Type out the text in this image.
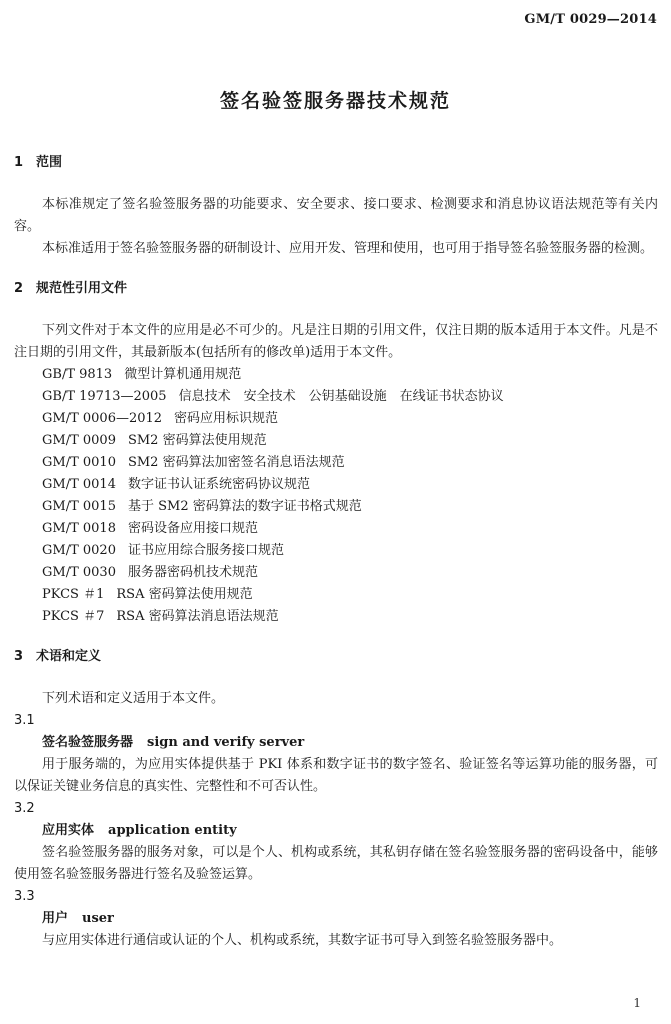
GM/T 0029—2014
签名验签服务器技术规范
1 范围

本标准规定了签名验签服务器的功能要求、安全要求、接口要求、检测要求和消息协议语法规范等有关内容。

本标准适用于签名验签服务器的研制设计、应用开发、管理和使用，也可用于指导签名验签服务器的检测。

2 规范性引用文件

下列文件对于本文件的应用是必不可少的。凡是注日期的引用文件，仅注日期的版本适用于本文件。凡是不注日期的引用文件，其最新版本(包括所有的修改单)适用于本文件。

GB/T 9813 微型计算机通用规范
GB/T 19713—2005 信息技术　安全技术　公钥基础设施　在线证书状态协议
GM/T 0006—2012 密码应用标识规范
GM/T 0009 SM2 密码算法使用规范
GM/T 0010 SM2 密码算法加密签名消息语法规范
GM/T 0014 数字证书认证系统密码协议规范
GM/T 0015 基于 SM2 密码算法的数字证书格式规范
GM/T 0018 密码设备应用接口规范
GM/T 0020 证书应用综合服务接口规范
GM/T 0030 服务器密码机技术规范
PKCS ＃1 RSA 密码算法使用规范
PKCS ＃7 RSA 密码算法消息语法规范
3 术语和定义

下列术语和定义适用于本文件。

3.1
签名验签服务器 sign and verify server

用于服务端的，为应用实体提供基于 PKI 体系和数字证书的数字签名、验证签名等运算功能的服务器，可以保证关键业务信息的真实性、完整性和不可否认性。

3.2
应用实体 application entity

签名验签服务器的服务对象，可以是个人、机构或系统，其私钥存储在签名验签服务器的密码设备中，能够使用签名验签服务器进行签名及验签运算。

3.3
用户 user

与应用实体进行通信或认证的个人、机构或系统，其数字证书可导入到签名验签服务器中。

1
